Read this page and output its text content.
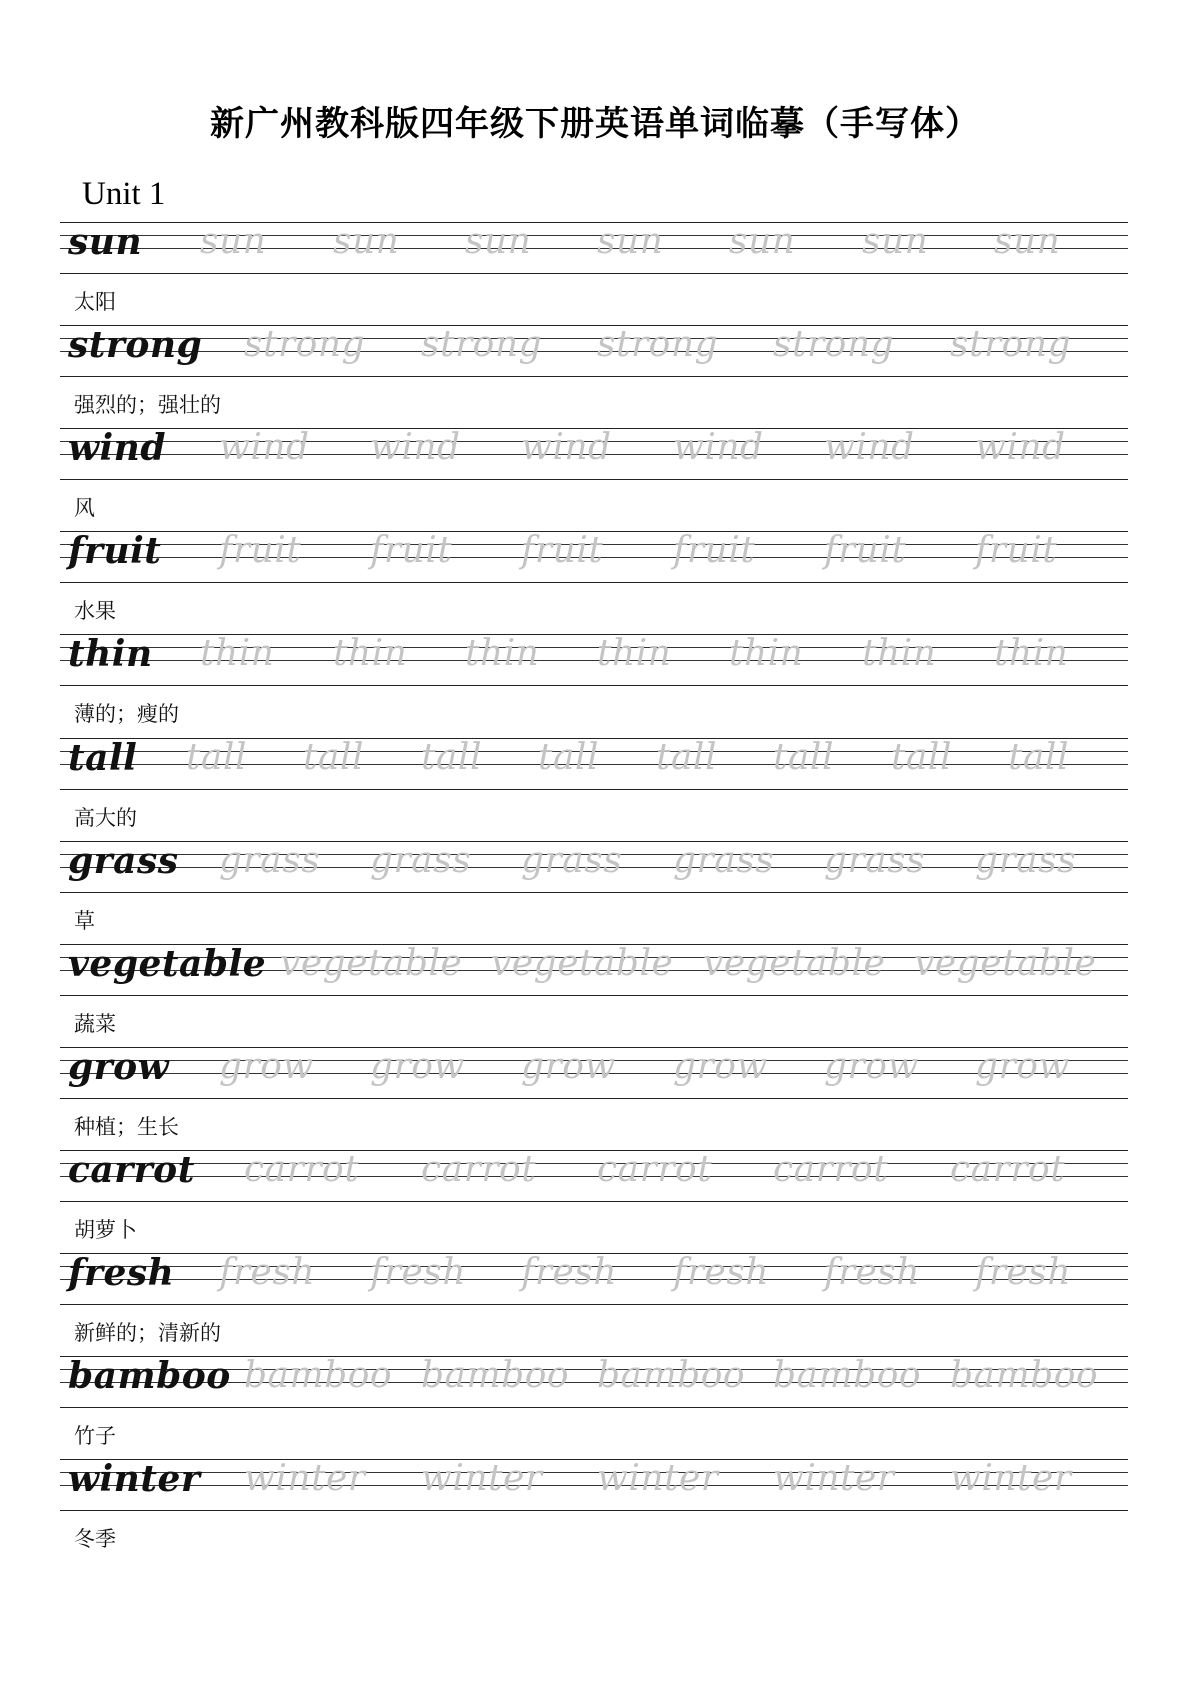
新广州教科版四年级下册英语单词临摹（手写体）
Unit 1
sun sun sun sun sun sun sun sun
太阳
strong strong strong strong strong strong
强烈的；强壮的
wind wind wind wind wind wind wind
风
fruit fruit fruit fruit fruit fruit fruit
水果
thin thin thin thin thin thin thin thin
薄的；瘦的
tall tall tall tall tall tall tall tall tall
高大的
grass grass grass grass grass grass grass
草
vegetable vegetable vegetable vegetable vegetable
蔬菜
grow grow grow grow grow grow grow
种植；生长
carrot carrot carrot carrot carrot carrot
胡萝卜
fresh fresh fresh fresh fresh fresh fresh
新鲜的；清新的
bamboo bamboo bamboo bamboo bamboo bamboo
竹子
winter winter winter winter winter winter
冬季
